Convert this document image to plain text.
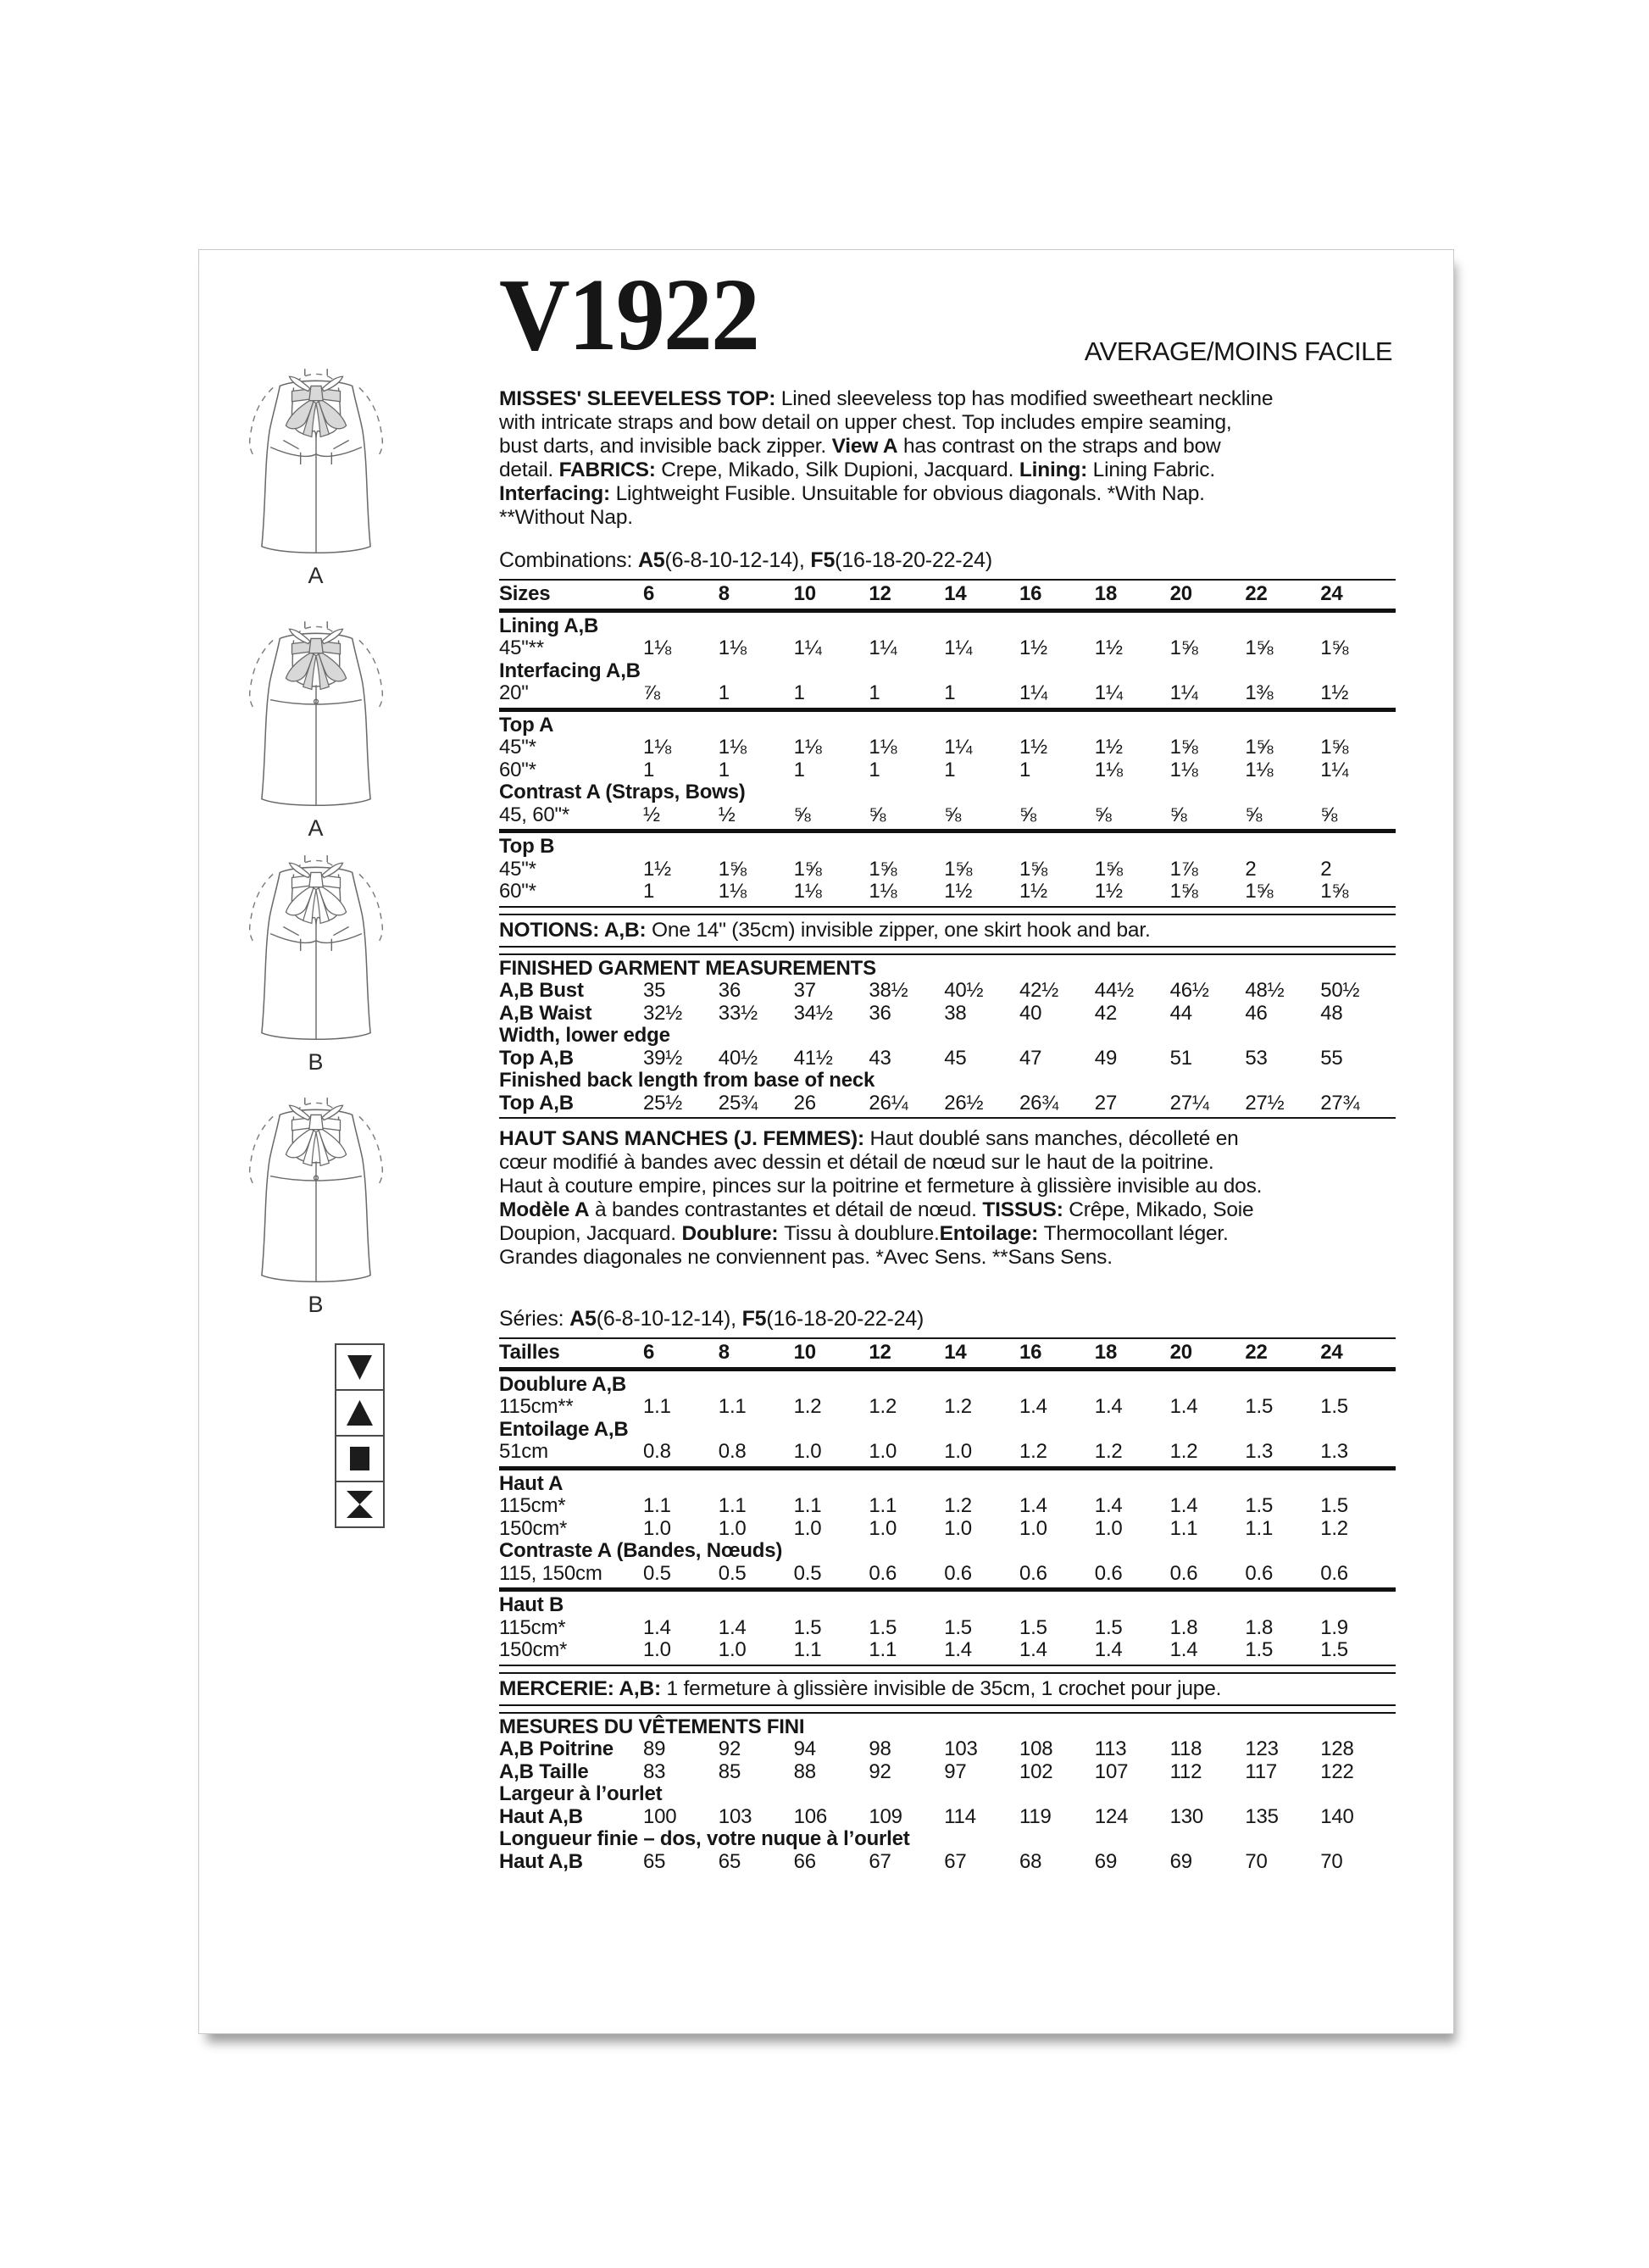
A
A
B
B
V1922	AVERAGE/MOINS FACILE
MISSES' SLEEVELESS TOP: Lined sleeveless top has modified sweetheart neckline
with intricate straps and bow detail on upper chest. Top includes empire seaming,
bust darts, and invisible back zipper. View A has contrast on the straps and bow
detail. FABRICS: Crepe, Mikado, Silk Dupioni, Jacquard. Lining: Lining Fabric.
Interfacing: Lightweight Fusible. Unsuitable for obvious diagonals. *With Nap.
**Without Nap.
Combinations: A5(6-8-10-12-14), F5(16-18-20-22-24)
Sizes	6	8	10	12	14	16	18	20	22	24
Lining A,B
45"**	1⅛	1⅛	1¼	1¼	1¼	1½	1½	1⅝	1⅝	1⅝
Interfacing A,B
20"	⅞	1	1	1	1	1¼	1¼	1¼	1⅜	1½
Top A
45"*	1⅛	1⅛	1⅛	1⅛	1¼	1½	1½	1⅝	1⅝	1⅝
60"*	1	1	1	1	1	1	1⅛	1⅛	1⅛	1¼
Contrast A (Straps, Bows)
45, 60"*	½	½	⅝	⅝	⅝	⅝	⅝	⅝	⅝	⅝
Top B
45"*	1½	1⅝	1⅝	1⅝	1⅝	1⅝	1⅝	1⅞	2	2
60"*	1	1⅛	1⅛	1⅛	1½	1½	1½	1⅝	1⅝	1⅝
NOTIONS: A,B: One 14" (35cm) invisible zipper, one skirt hook and bar.
FINISHED GARMENT MEASUREMENTS
A,B Bust	35	36	37	38½	40½	42½	44½	46½	48½	50½
A,B Waist	32½	33½	34½	36	38	40	42	44	46	48
Width, lower edge
Top A,B	39½	40½	41½	43	45	47	49	51	53	55
Finished back length from base of neck
Top A,B	25½	25¾	26	26¼	26½	26¾	27	27¼	27½	27¾
HAUT SANS MANCHES (J. FEMMES): Haut doublé sans manches, décolleté en
cœur modifié à bandes avec dessin et détail de nœud sur le haut de la poitrine.
Haut à couture empire, pinces sur la poitrine et fermeture à glissière invisible au dos.
Modèle A à bandes contrastantes et détail de nœud. TISSUS: Crêpe, Mikado, Soie
Doupion, Jacquard. Doublure: Tissu à doublure.Entoilage: Thermocollant léger.
Grandes diagonales ne conviennent pas. *Avec Sens. **Sans Sens.
Séries: A5(6-8-10-12-14), F5(16-18-20-22-24)
Tailles	6	8	10	12	14	16	18	20	22	24
Doublure A,B
115cm**	1.1	1.1	1.2	1.2	1.2	1.4	1.4	1.4	1.5	1.5
Entoilage A,B
51cm	0.8	0.8	1.0	1.0	1.0	1.2	1.2	1.2	1.3	1.3
Haut A
115cm*	1.1	1.1	1.1	1.1	1.2	1.4	1.4	1.4	1.5	1.5
150cm*	1.0	1.0	1.0	1.0	1.0	1.0	1.0	1.1	1.1	1.2
Contraste A (Bandes, Nœuds)
115, 150cm	0.5	0.5	0.5	0.6	0.6	0.6	0.6	0.6	0.6	0.6
Haut B
115cm*	1.4	1.4	1.5	1.5	1.5	1.5	1.5	1.8	1.8	1.9
150cm*	1.0	1.0	1.1	1.1	1.4	1.4	1.4	1.4	1.5	1.5
MERCERIE: A,B: 1 fermeture à glissière invisible de 35cm, 1 crochet pour jupe.
MESURES DU VÊTEMENTS FINI
A,B Poitrine	89	92	94	98	103	108	113	118	123	128
A,B Taille	83	85	88	92	97	102	107	112	117	122
Largeur à l’ourlet
Haut A,B	100	103	106	109	114	119	124	130	135	140
Longueur finie – dos, votre nuque à l’ourlet
Haut A,B	65	65	66	67	67	68	69	69	70	70
